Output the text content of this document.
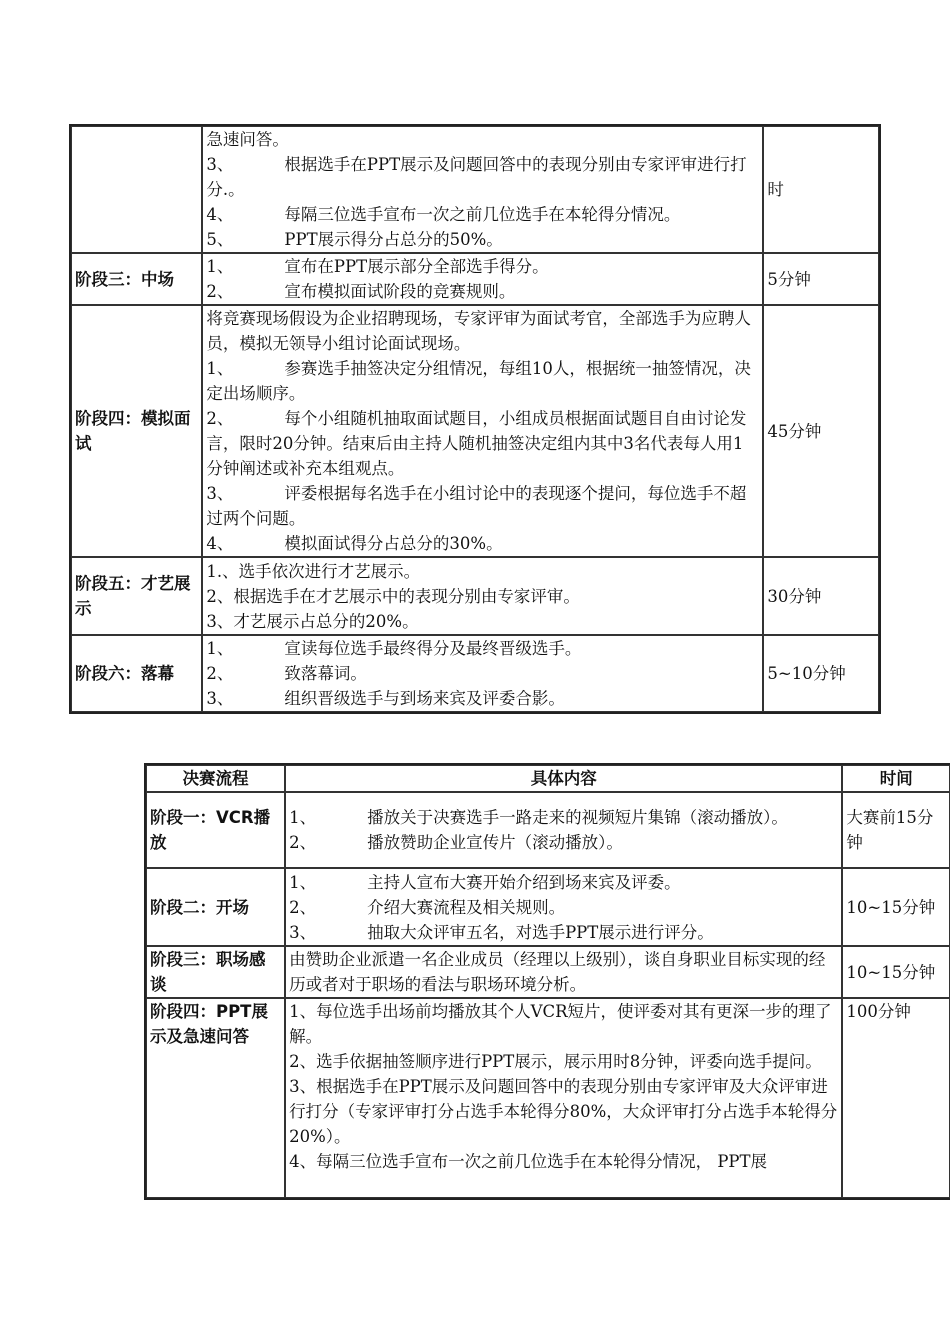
	急速问答。
3、 根据选手在PPT展示及问题回答中的表现分别由专家评审进行打分.。
4、 每隔三位选手宣布一次之前几位选手在本轮得分情况。
5、 PPT展示得分占总分的50%。	时
阶段三：中场	1、 宣布在PPT展示部分全部选手得分。
2、 宣布模拟面试阶段的竞赛规则。	5分钟
阶段四：模拟面试	将竞赛现场假设为企业招聘现场，专家评审为面试考官，全部选手为应聘人员，模拟无领导小组讨论面试现场。
1、 参赛选手抽签决定分组情况，每组10人，根据统一抽签情况，决定出场顺序。
2、 每个小组随机抽取面试题目，小组成员根据面试题目自由讨论发言，限时20分钟。结束后由主持人随机抽签决定组内其中3名代表每人用1分钟阐述或补充本组观点。
3、 评委根据每名选手在小组讨论中的表现逐个提问，每位选手不超过两个问题。
4、 模拟面试得分占总分的30%。	45分钟
阶段五：才艺展示	1.、选手依次进行才艺展示。
2、根据选手在才艺展示中的表现分别由专家评审。
3、才艺展示占总分的20%。	30分钟
阶段六：落幕	1、 宣读每位选手最终得分及最终晋级选手。
2、 致落幕词。
3、 组织晋级选手与到场来宾及评委合影。	5~10分钟
决赛流程	具体内容	时间
阶段一：VCR播放	1、 播放关于决赛选手一路走来的视频短片集锦（滚动播放）。
2、 播放赞助企业宣传片（滚动播放）。	大赛前15分钟
阶段二：开场	1、 主持人宣布大赛开始介绍到场来宾及评委。
2、 介绍大赛流程及相关规则。
3、 抽取大众评审五名，对选手PPT展示进行评分。	10~15分钟
阶段三：职场感谈	由赞助企业派遣一名企业成员（经理以上级别），谈自身职业目标实现的经历或者对于职场的看法与职场环境分析。	10~15分钟
阶段四：PPT展示及急速问答	1、每位选手出场前均播放其个人VCR短片，使评委对其有更深一步的理了解。
2、选手依据抽签顺序进行PPT展示，展示用时8分钟，评委向选手提问。
3、根据选手在PPT展示及问题回答中的表现分别由专家评审及大众评审进行打分（专家评审打分占选手本轮得分80%，大众评审打分占选手本轮得分20%）。
4、每隔三位选手宣布一次之前几位选手在本轮得分情况， PPT展	100分钟
